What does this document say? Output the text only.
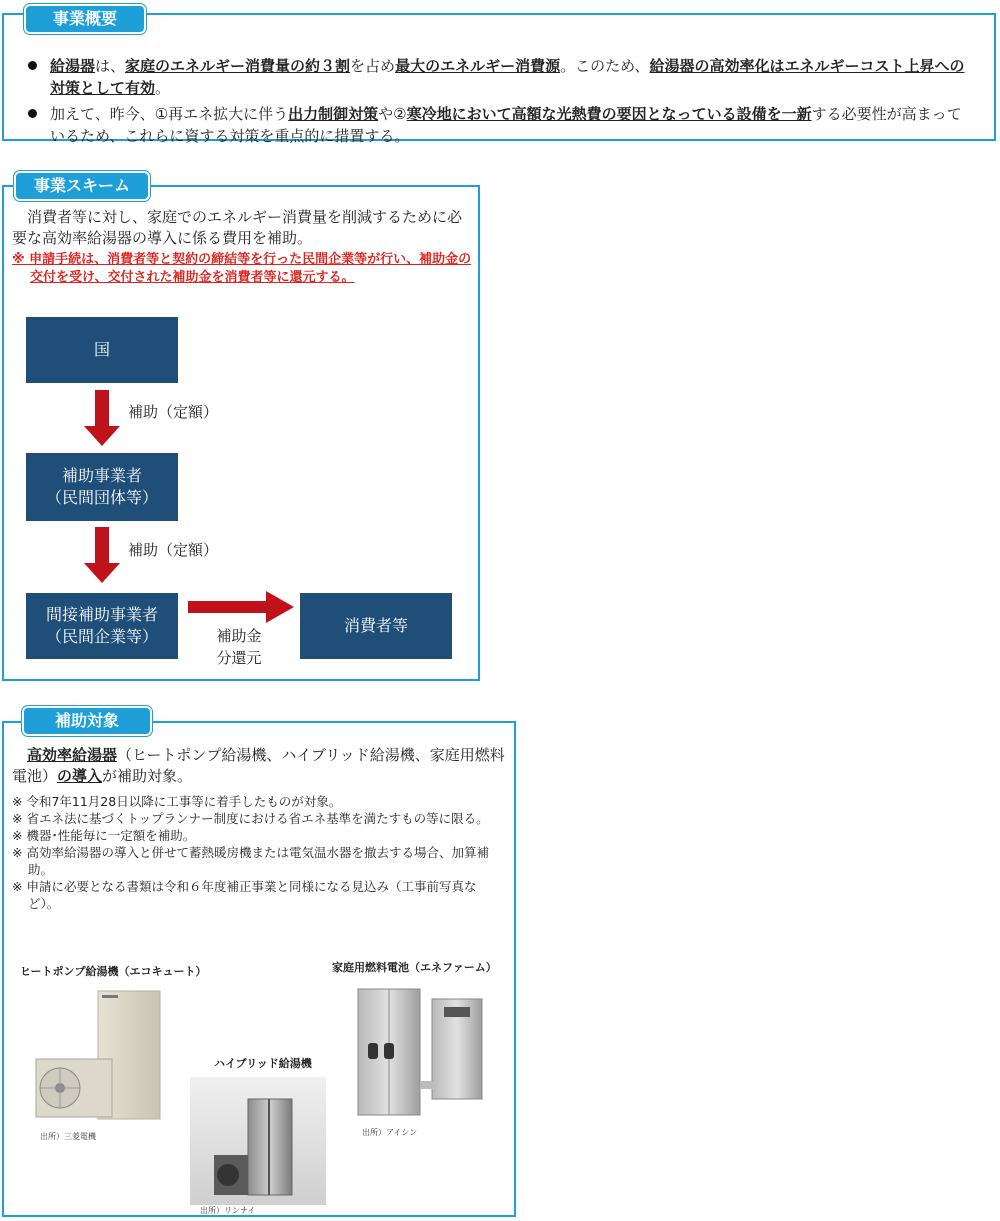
給湯器は、家庭のエネルギー消費量の約３割を占め最大のエネルギー消費源。このため、給湯器の高効率化はエネルギーコスト上昇への対策として有効。
加えて、昨今、①再エネ拡大に伴う出力制御対策や②寒冷地において高額な光熱費の要因となっている設備を一新する必要性が高まっているため、これらに資する対策を重点的に措置する。
事業概要
消費者等に対し、家庭でのエネルギー消費量を削減するために必要な高効率給湯器の導入に係る費用を補助。
※ 申請手続は、消費者等と契約の締結等を行った民間企業等が行い、補助金の交付を受け、交付された補助金を消費者等に還元する。
国
補助（定額）
補助事業者
（民間団体等）
補助（定額）
間接補助事業者
（民間企業等）	補助金
分還元
消費者等
事業スキーム
高効率給湯器（ヒートポンプ給湯機、ハイブリッド給湯機、家庭用燃料電池）の導入が補助対象。
※ 令和7年11月28日以降に工事等に着手したものが対象。
※ 省エネ法に基づくトップランナー制度における省エネ基準を満たすもの等に限る。
※ 機器･性能毎に一定額を補助。
※ 高効率給湯器の導入と併せて蓄熱暖房機または電気温水器を撤去する場合、加算補助。
※ 申請に必要となる書類は令和６年度補正事業と同様になる見込み（工事前写真など）。
ヒートポンプ給湯機（エコキュート）
出所）三菱電機
ハイブリッド給湯機
出所）リンナイ
家庭用燃料電池（エネファーム）
出所）アイシン
補助対象
